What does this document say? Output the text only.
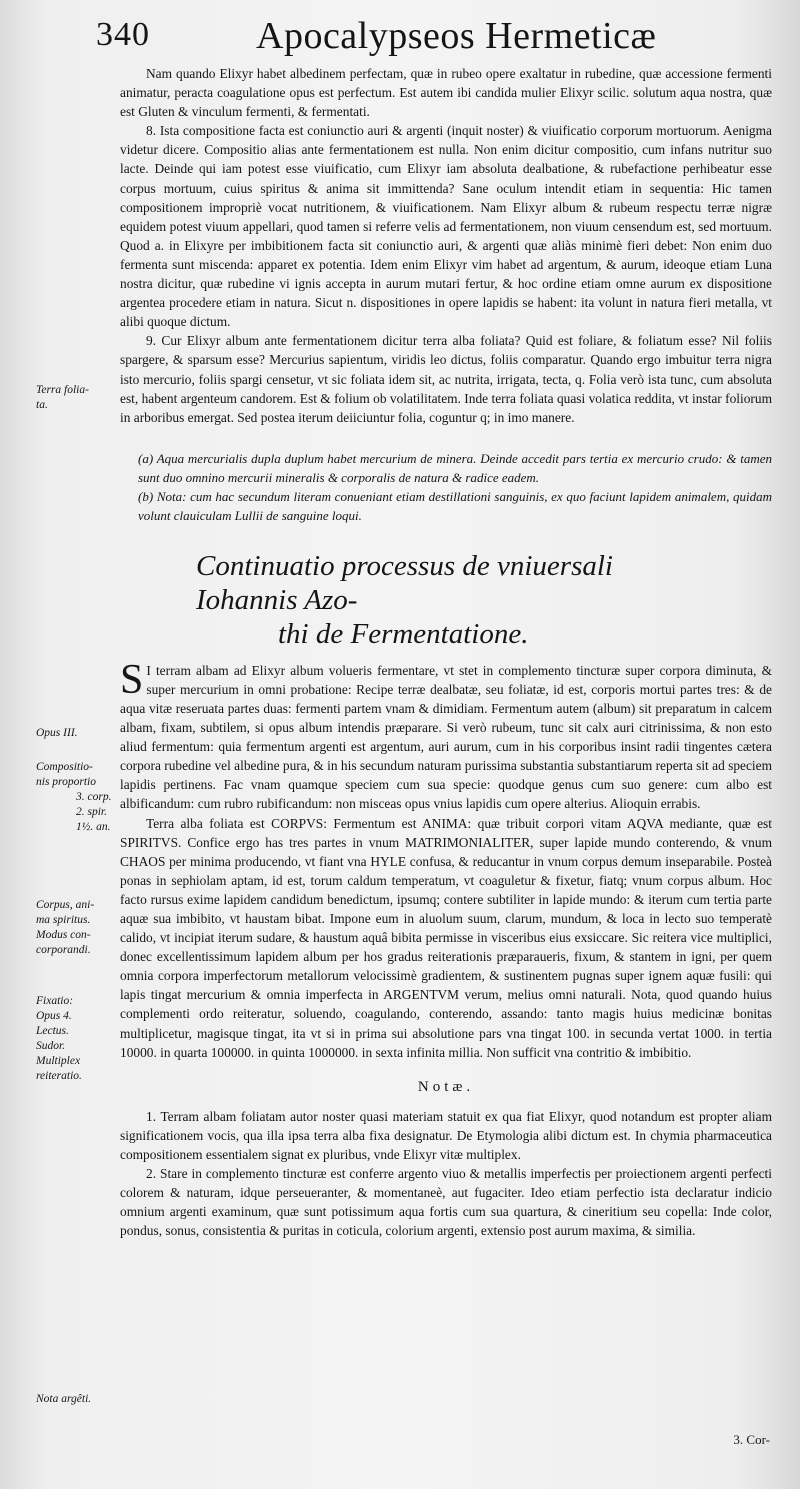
340	Apocalypseos Hermeticæ
Terra folia-
ta.
Opus III.
Compositio-
nis proportio
3. corp.
2. spir.
1½. an.
Corpus, ani-
ma spiritus.
Modus con-
corporandi.
Fixatio:
Opus 4.
Lectus.
Sudor.
Multiplex
reiteratio.
Nota argêti.

Nam quando Elixyr habet albedinem perfectam, quæ in rubeo opere exaltatur in rubedine, quæ accessione fermenti animatur, peracta coagulatione opus est perfectum. Est autem ibi candida mulier Elixyr scilic. solutum aqua nostra, quæ est Gluten & vinculum fermenti, & fermentati.

8. Ista compositione facta est coniunctio auri & argenti (inquit noster) & viuificatio corporum mortuorum. Aenigma videtur dicere. Compositio alias ante fermentationem est nulla. Non enim dicitur compositio, cum infans nutritur suo lacte. Deinde qui iam potest esse viuificatio, cum Elixyr iam absoluta dealbatione, & rubefactione perhibeatur esse corpus mortuum, cuius spiritus & anima sit immittenda? Sane oculum intendit etiam in sequentia: Hic tamen compositionem impropriè vocat nutritionem, & viuificationem. Nam Elixyr album & rubeum respectu terræ nigræ equidem potest viuum appellari, quod tamen si referre velis ad fermentationem, non viuum censendum est, sed mortuum. Quod a. in Elixyre per imbibitionem facta sit coniunctio auri, & argenti quæ aliàs minimè fieri debet: Non enim duo fermenta sunt miscenda: apparet ex potentia. Idem enim Elixyr vim habet ad argentum, & aurum, ideoque etiam Luna nostra dicitur, quæ rubedine vi ignis accepta in aurum mutari fertur, & hoc ordine etiam omne aurum ex dispositione argentea procedere etiam in natura. Sicut n. dispositiones in opere lapidis se habent: ita volunt in natura fieri metalla, vt alibi quoque dictum.

9. Cur Elixyr album ante fermentationem dicitur terra alba foliata? Quid est foliare, & foliatum esse? Nil foliis spargere, & sparsum esse? Mercurius sapientum, viridis leo dictus, foliis comparatur. Quando ergo imbuitur terra nigra isto mercurio, foliis spargi censetur, vt sic foliata idem sit, ac nutrita, irrigata, tecta, q. Folia verò ista tunc, cum absoluta est, habent argenteum candorem. Est & folium ob volatilitatem. Inde terra foliata quasi volatica reddita, vt instar foliorum in arboribus emergat. Sed postea iterum deiiciuntur folia, coguntur q; in imo manere.

(a) Aqua mercurialis dupla duplum habet mercurium de minera. Deinde accedit pars tertia ex mercurio crudo: & tamen sunt duo omnino mercurii mineralis & corporalis de natura & radice eadem.

(b) Nota: cum hac secundum literam conueniant etiam destillationi sanguinis, ex quo faciunt lapidem animalem, quidam volunt clauiculam Lullii de sanguine loqui.

Continuatio processus de vniuersali Iohannis Azo-
thi de Fermentatione.

S I terram albam ad Elixyr album volueris fermentare, vt stet in complemento tincturæ super corpora diminuta, & super mercurium in omni probatione: Recipe terræ dealbatæ, seu foliatæ, id est, corporis mortui partes tres: & de aqua vitæ reseruata partes duas: fermenti partem vnam & dimidiam. Fermentum autem (album) sit preparatum in calcem albam, fixam, subtilem, si opus album intendis præparare. Si verò rubeum, tunc sit calx auri citrinissima, & non esto aliud fermentum: quia fermentum argenti est argentum, auri aurum, cum in his corporibus insint radii tingentes cætera corpora rubedine vel albedine pura, & in his secundum naturam purissima substantia substantiarum reperta sit ad speciem lapidis pertinens. Fac vnam quamque speciem cum sua specie: quodque genus cum suo genere: cum albo est albificandum: cum rubro rubificandum: non misceas opus vnius lapidis cum opere alterius. Alioquin errabis.

Terra alba foliata est CORPVS: Fermentum est ANIMA: quæ tribuit corpori vitam AQVA mediante, quæ est SPIRITVS. Confice ergo has tres partes in vnum MATRIMONIALITER, super lapide mundo conterendo, & vnum CHAOS per minima producendo, vt fiant vna HYLE confusa, & reducantur in vnum corpus demum inseparabile. Posteà ponas in sephiolam aptam, id est, torum caldum temperatum, vt coaguletur & fixetur, fiatq; vnum corpus album. Hoc facto rursus exime lapidem candidum benedictum, ipsumq; contere subtiliter in lapide mundo: & iterum cum tertia parte aquæ sua imbibito, vt haustam bibat. Impone eum in aluolum suum, clarum, mundum, & loca in lecto suo temperatè calido, vt incipiat iterum sudare, & haustum aquâ bibita permisse in visceribus eius exsiccare. Sic reitera vice multiplici, donec excellentissimum lapidem album per hos gradus reiterationis præparaueris, fixum, & stantem in igni, per quem omnia corpora imperfectorum metallorum velocissimè gradientem, & sustinentem pugnas super ignem aquæ fusili: qui lapis tingat mercurium & omnia imperfecta in ARGENTVM verum, melius omni naturali. Nota, quod quando huius complementi ordo reiteratur, soluendo, coagulando, conterendo, assando: tanto magis huius medicinæ bonitas multiplicetur, magisque tingat, ita vt si in prima sui absolutione pars vna tingat 100. in secunda vertat 1000. in tertia 10000. in quarta 100000. in quinta 1000000. in sexta infinita millia. Non sufficit vna contritio & imbibitio.

Notæ.

1. Terram albam foliatam autor noster quasi materiam statuit ex qua fiat Elixyr, quod notandum est propter aliam significationem vocis, qua illa ipsa terra alba fixa designatur. De Etymologia alibi dictum est. In chymia pharmaceutica compositionem essentialem signat ex pluribus, vnde Elixyr vitæ multiplex.

2. Stare in complemento tincturæ est conferre argento viuo & metallis imperfectis per proiectionem argenti perfecti colorem & naturam, idque perseueranter, & momentaneè, aut fugaciter. Ideo etiam perfectio ista declaratur indicio omnium argenti examinum, quæ sunt potissimum aqua fortis cum sua quartura, & cineritium seu copella: Inde color, pondus, sonus, consistentia & puritas in coticula, colorium argenti, extensio post aurum maxima, & similia.

3. Cor-
